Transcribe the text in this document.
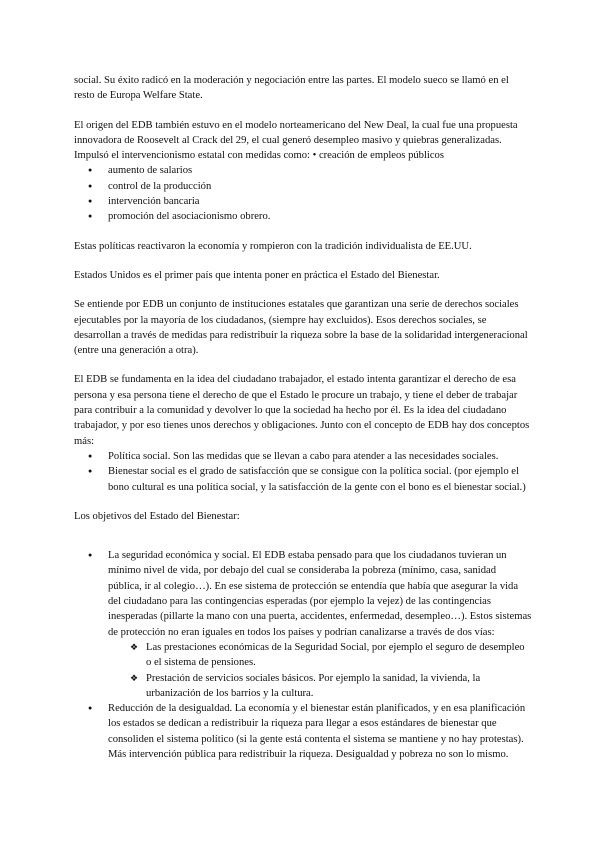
social. Su éxito radicó en la moderación y negociación entre las partes. El modelo sueco se llamó en el resto de Europa Welfare State.

El origen del EDB también estuvo en el modelo norteamericano del New Deal, la cual fue una propuesta innovadora de Roosevelt al Crack del 29, el cual generó desempleo masivo y quiebras generalizadas. Impulsó el intervencionismo estatal con medidas como: • creación de empleos públicos

● aumento de salarios
● control de la producción
● intervención bancaria
● promoción del asociacionismo obrero.

Estas políticas reactivaron la economía y rompieron con la tradición individualista de EE.UU.

Estados Unidos es el primer país que intenta poner en práctica el Estado del Bienestar.

Se entiende por EDB un conjunto de instituciones estatales que garantizan una serie de derechos sociales ejecutables por la mayoría de los ciudadanos, (siempre hay excluidos). Esos derechos sociales, se desarrollan a través de medidas para redistribuir la riqueza sobre la base de la solidaridad intergeneracional (entre una generación a otra).

El EDB se fundamenta en la idea del ciudadano trabajador, el estado intenta garantizar el derecho de esa persona y esa persona tiene el derecho de que el Estado le procure un trabajo, y tiene el deber de trabajar para contribuir a la comunidad y devolver lo que la sociedad ha hecho por él. Es la idea del ciudadano trabajador, y por eso tienes unos derechos y obligaciones. Junto con el concepto de EDB hay dos conceptos más:

● Política social. Son las medidas que se llevan a cabo para atender a las necesidades sociales.
● Bienestar social es el grado de satisfacción que se consigue con la política social. (por ejemplo el bono cultural es una política social, y la satisfacción de la gente con el bono es el bienestar social.)

Los objetivos del Estado del Bienestar:

● La seguridad económica y social. El EDB estaba pensado para que los ciudadanos tuvieran un mínimo nivel de vida, por debajo del cual se consideraba la pobreza (mínimo, casa, sanidad pública, ir al colegio…). En ese sistema de protección se entendía que había que asegurar la vida del ciudadano para las contingencias esperadas (por ejemplo la vejez) de las contingencias inesperadas (pillarte la mano con una puerta, accidentes, enfermedad, desempleo…). Estos sistemas de protección no eran iguales en todos los países y podrían canalizarse a través de dos vías:
❖ Las prestaciones económicas de la Seguridad Social, por ejemplo el seguro de desempleo o el sistema de pensiones.
❖ Prestación de servicios sociales básicos. Por ejemplo la sanidad, la vivienda, la urbanización de los barrios y la cultura.
● Reducción de la desigualdad. La economía y el bienestar están planificados, y en esa planificación los estados se dedican a redistribuir la riqueza para llegar a esos estándares de bienestar que consoliden el sistema político (si la gente está contenta el sistema se mantiene y no hay protestas). Más intervención pública para redistribuir la riqueza. Desigualdad y pobreza no son lo mismo.
